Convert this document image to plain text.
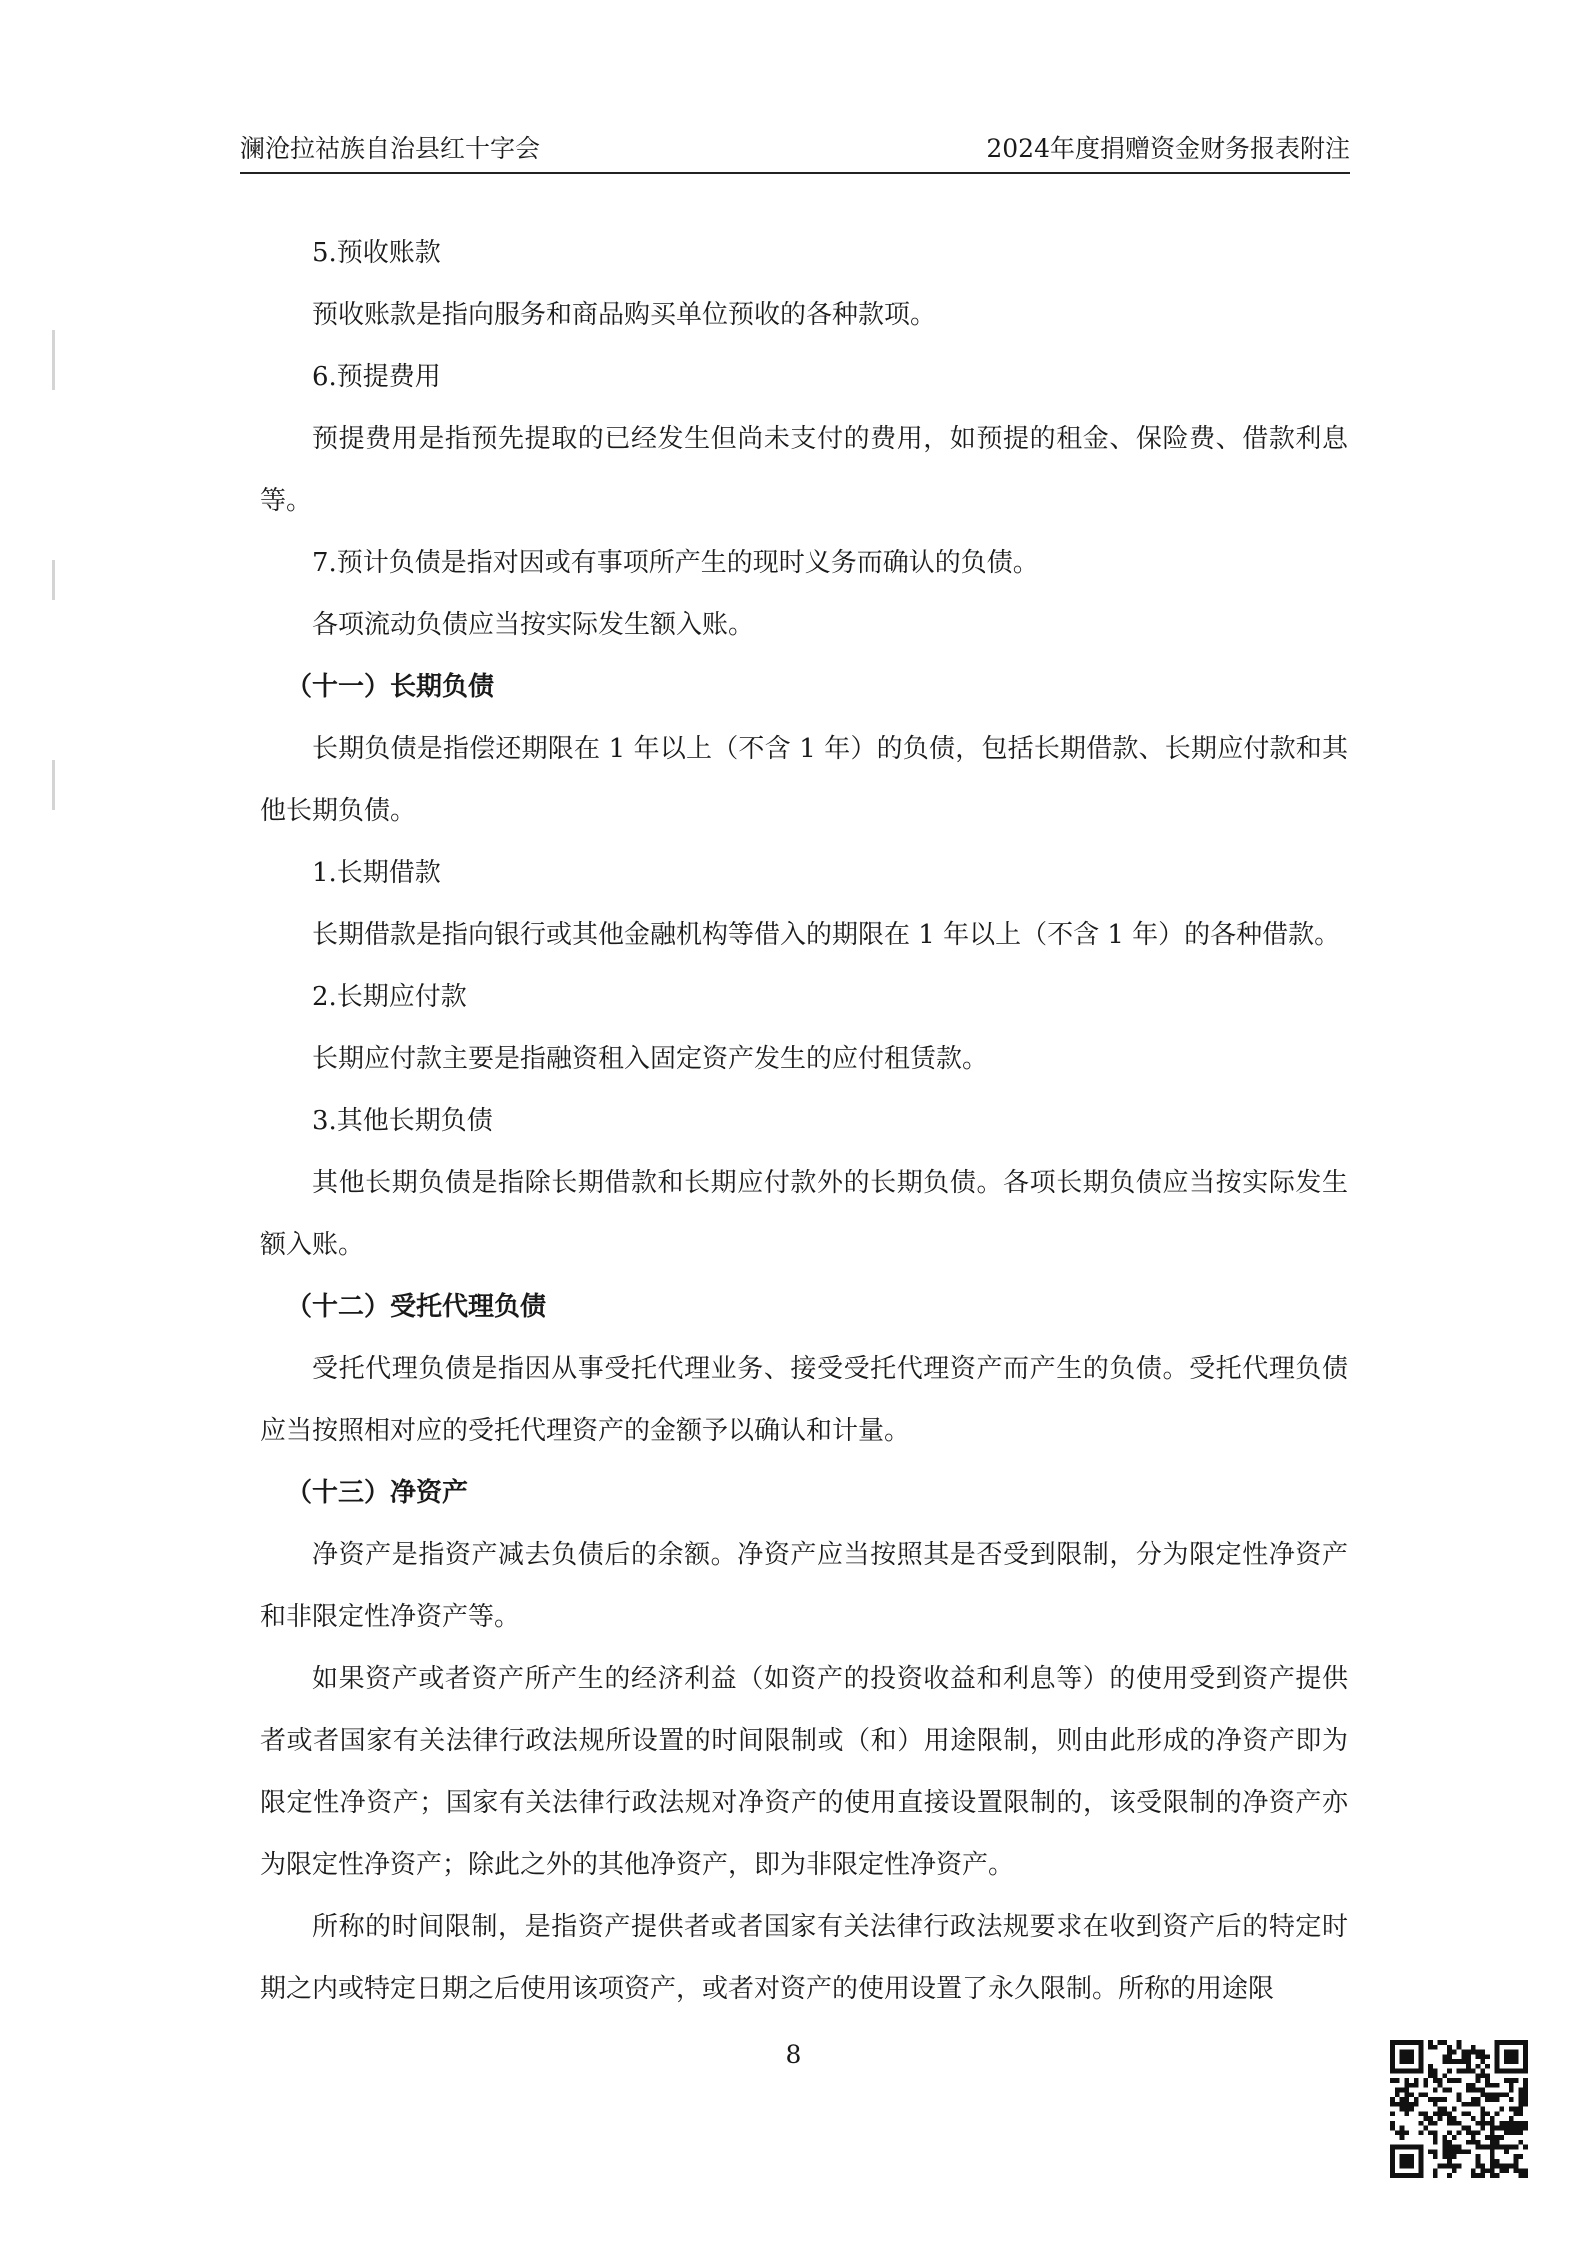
澜沧拉祜族自治县红十字会	2024年度捐赠资金财务报表附注

5.预收账款

预收账款是指向服务和商品购买单位预收的各种款项。

6.预提费用

预提费用是指预先提取的已经发生但尚未支付的费用，如预提的租金、保险费、借款利息等。

7.预计负债是指对因或有事项所产生的现时义务而确认的负债。

各项流动负债应当按实际发生额入账。

（十一）长期负债

长期负债是指偿还期限在 1 年以上（不含 1 年）的负债，包括长期借款、长期应付款和其他长期负债。

1.长期借款

长期借款是指向银行或其他金融机构等借入的期限在 1 年以上（不含 1 年）的各种借款。

2.长期应付款

长期应付款主要是指融资租入固定资产发生的应付租赁款。

3.其他长期负债

其他长期负债是指除长期借款和长期应付款外的长期负债。各项长期负债应当按实际发生额入账。

（十二）受托代理负债

受托代理负债是指因从事受托代理业务、接受受托代理资产而产生的负债。受托代理负债应当按照相对应的受托代理资产的金额予以确认和计量。

（十三）净资产

净资产是指资产减去负债后的余额。净资产应当按照其是否受到限制，分为限定性净资产和非限定性净资产等。

如果资产或者资产所产生的经济利益（如资产的投资收益和利息等）的使用受到资产提供者或者国家有关法律行政法规所设置的时间限制或（和）用途限制，则由此形成的净资产即为限定性净资产；国家有关法律行政法规对净资产的使用直接设置限制的，该受限制的净资产亦为限定性净资产；除此之外的其他净资产，即为非限定性净资产。

所称的时间限制，是指资产提供者或者国家有关法律行政法规要求在收到资产后的特定时期之内或特定日期之后使用该项资产，或者对资产的使用设置了永久限制。所称的用途限

8
